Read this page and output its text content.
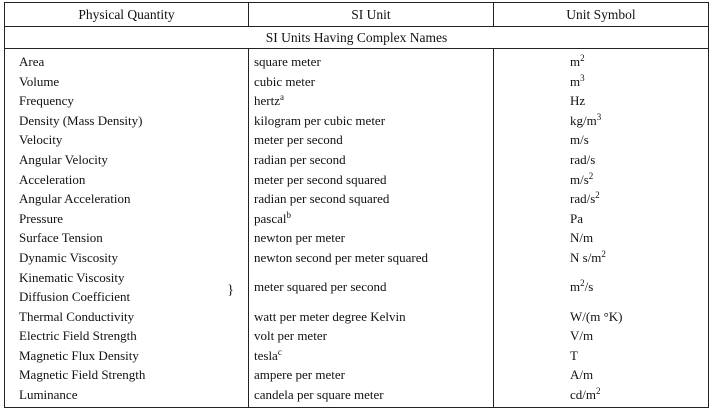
Physical Quantity	SI Unit	Unit Symbol
SI Units Having Complex Names		
Area	square meter	$m^2$
Volume	cubic meter	$m^3$
Frequency	hertz$^a$	Hz
Density (Mass Density)	kilogram per cubic meter	$kg/m^3$
Velocity	meter per second	m/s
Angular Velocity	radian per second	rad/s
Acceleration	meter per second squared	$m/s^2$
Angular Acceleration	radian per second squared	rad/$s^2$
Pressure	pascal$^b$	Pa
Surface Tension	newton per meter	N/m
Dynamic Viscosity	newton second per meter squared	N $s/m^2$

Kinematic Viscosity
Diffusion Coefficient }	meter squared per second	$m^2/s$
Thermal Conductivity	watt per meter degree Kelvin	W/(m °K)
Electric Field Strength	volt per meter	V/m
Magnetic Flux Density	tesla$^c$	T
Magnetic Field Strength	ampere per meter	A/m
Luminance	candela per square meter	$cd/m^2$
